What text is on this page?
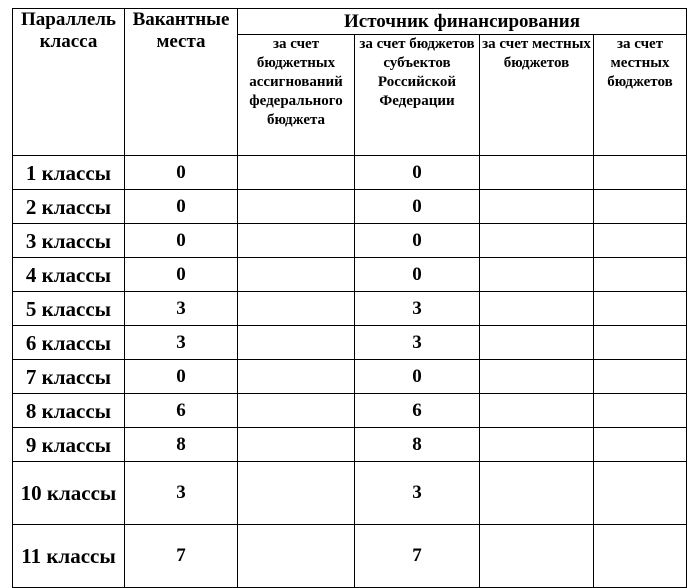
Параллель класса	Вакантные места	Источник финансирования			
		за счет бюджетных ассигнований федерального бюджета	за счет бюджетов субъектов Российской Федерации	за счет местных бюджетов	за счет местных бюджетов
1 классы	0		0		
2 классы	0		0		
3 классы	0		0		
4 классы	0		0		
5 классы	3		3		
6 классы	3		3		
7 классы	0		0		
8 классы	6		6		
9 классы	8		8		
10 классы	3		3		
11 классы	7		7		
